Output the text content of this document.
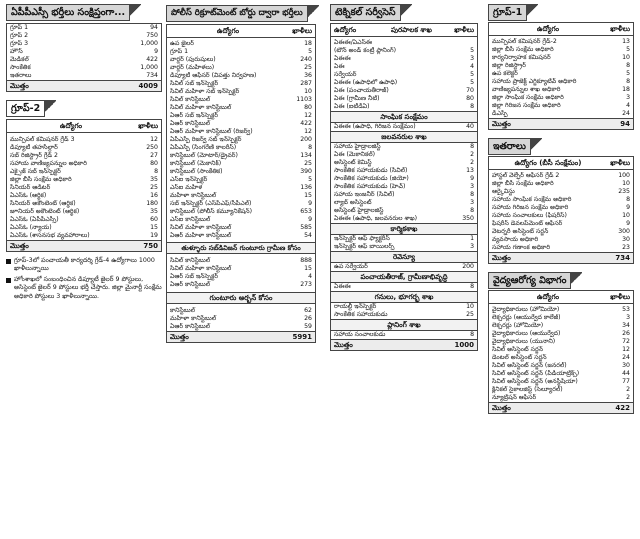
ఏపీపీఎస్సీ భర్తీలు సంక్షిప్తంగా...
గ్రూప్ 1	94
గ్రూప్ 2	750
గ్రూప్ 3	1,000
హౌస్	9
మెడికల్	422
సాంకేతిక	1,000
ఇతరాలు	734
మొత్తం	4009
గ్రూప్-2
ఉద్యోగం	ఖాళీలు
మున్సిపల్ కమిషనర్ గ్రేడ్ 3	12
డిప్యూటీ తహసీల్దార్	250
సబ్ రిజిస్ట్రార్ గ్రేడ్ 2	27
సహాయ వాణిజ్యపన్నుల అధికారి	80
ఎక్సైజ్ సబ్ ఇన్‌స్పెక్టర్	8
జిల్లా బీసీ సంక్షేమ అధికారి	35
సీనియర్ ఆడిటర్	25
ఏఎస్‌ఓ (ఆర్థిక)	16
సీనియర్ అకౌంటెంట్ (ఆర్థిక)	180
జూనియర్ అకౌంటెంట్ (ఆర్థిక)	35
ఏఎస్‌ఓ (ఏపీపీఎస్సీ)	60
ఏఎస్‌ఓ (న్యాయ)	15
ఏఎస్‌ఓ (శాసనసభ వ్యవహారాలు)	19
మొత్తం	750
గ్రూప్-3లో పంచాయతీ కార్యదర్శి గ్రేడ్-4 ఉద్యోగాలు 1000 ఖాళీలున్నాయి
హోంశాఖలో సంబంధించిన డిప్యూటీ జైలర్ 9 పోస్టులు, అసిస్టెంట్ జైలర్ 9 పోస్టులు భర్తీ చేస్తారు. జిల్లా మైనార్టీ సంక్షేమ అధికారి పోస్టులు 3 ఖాళీలున్నాయి.
పోలీస్ రిక్రూట్‌మెంట్ బోర్డు ద్వారా భర్తీలు
ఉద్యోగం	ఖాళీలు
ఉప జైలర్	18
గ్రూప్ 1	5
వార్డర్ (పురుషులు)	240
వార్డర్ (మహిళలు)	25
డిప్యూటీ ఆఫీసర్ (విపత్తు నిర్వహణ)	36
సివిల్ సబ్ ఇన్‌స్పెక్టర్	287
సివిల్ మహిళా సబ్ ఇన్‌స్పెక్టర్	10
సివిల్ కానిస్టేబుల్	1103
సివిల్ మహిళా కానిస్టేబుల్	80
ఏఆర్ సబ్ ఇన్‌స్పెక్టర్	12
ఏఆర్ కానిస్టేబుల్	422
ఏఆర్ మహిళా కానిస్టేబుల్ (రిజర్వ్)	12
ఏపీఎస్పీ రిజర్వ్ సబ్ ఇన్‌స్పెక్టర్	200
ఏపీఎస్పీ (సింగరేణి కాలరీస్)	8
కానిస్టేబుల్ (మోటార్/డ్రైవర్)	134
కానిస్టేబుల్ (మెకానిక్)	25
కానిస్టేబుల్ (సాంకేతిక)	390
ఎస్‌ఐ ఇన్‌స్పెక్టర్	5
ఎస్‌ఐ మహిళ	136
మహిళా కానిస్టేబుల్	15
సబ్ ఇన్‌స్పెక్టర్ (ఎస్‌పీఎఫ్/సీపీఎల్)	9
కానిస్టేబుల్ (పోలీస్ కమ్యూనికేషన్)	653
ఎస్‌ఐ కానిస్టేబుల్	9
సివిల్ మహిళా కానిస్టేబుల్	585
ఏఆర్ మహిళా కానిస్టేబుల్	54
తుళ్ళూరు సబ్‌డివిజన్ గుంటూరు గ్రామీణ కోసం
సివిల్ కానిస్టేబుల్	888
సివిల్ మహిళా కానిస్టేబుల్	15
ఏఆర్ సబ్ ఇన్‌స్పెక్టర్	4
ఏఆర్ కానిస్టేబుల్	273
గుంటూరు అర్బన్ కోసం
కానిస్టేబుల్	62
మహిళా కానిస్టేబుల్	26
ఏఆర్ కానిస్టేబుల్	59
మొత్తం	5991
టెక్నికల్ సర్వీసెస్
ఉద్యోగం	పురపాలక శాఖ	ఖాళీలు
ఏఈఈ/ఏఎస్ఈ
(టౌన్ అండ్ కంట్రీ ప్లానింగ్)	5
ఏఈఈ	3
ఏఈ	4
సర్వేయర్	5
ఏఈఈ (ఉపాధిలో ఉపాధి)	5
ఏఈ (పంచాయతీరాజ్)	70
ఏఈ (గ్రామీణ నీటి)	80
ఏఈ (ఐటీడీఏ)	8
సాంఘిక సంక్షేమం
ఏఈఈ (ఉపాధి, గిరిజన సంక్షేమం)	40
జలవనరుల శాఖ
సహాయ హైడ్రాలజిస్ట్	8
ఏఈ (మెకానికల్)	2
అసిస్టెంట్ కెమిస్ట్	2
సాంకేతిక సహాయకుడు (సివిల్)	13
సాంకేతిక సహాయకుడు (జియో)	9
సాంకేతిక సహాయకుడు (హెచ్)	3
సహాయ ఇంజనీర్ (సివిల్)	8
ల్యాబ్ అసిస్టెంట్	3
అసిస్టెంట్ హైడ్రాలజిస్ట్	8
ఏఈఈ (ఉపాధి, జలవనరుల శాఖ)	350
కార్మికశాఖ
ఇన్‌స్పెక్టర్ ఆఫ్ ఫ్యాక్టరీస్	1
ఇన్‌స్పెక్టర్ ఆఫ్ బాయిలర్స్	3
రెవెన్యూ
ఉప సర్వేయర్	200
పంచాయతీరాజ్, గ్రామీణాభివృద్ధి
ఏఈఈ	8
గనులు, భూగర్భ శాఖ
రాయల్టీ ఇన్‌స్పెక్టర్	10
సాంకేతిక సహాయకుడు	25
ప్లానింగ్ శాఖ
సహాయ సంచాలకుడు	8
మొత్తం	1000
గ్రూప్-1
ఉద్యోగం	ఖాళీలు
మున్సిపల్ కమిషనర్ గ్రేడ్-2	13
జిల్లా బీసీ సంక్షేమ అధికారి	5
కార్యనిర్వాహక కమిషనర్	10
జిల్లా రిజిస్ట్రార్	8
ఉప కలెక్టర్	5
సహాయ ప్రాజెక్ట్ ఎగ్జిక్యూటివ్ అధికారి	8
వాణిజ్యపన్నుల శాఖ అధికారి	18
జిల్లా సాంఘిక సంక్షేమ అధికారి	3
జిల్లా గిరిజన సంక్షేమ అధికారి	4
డీఎస్పీ	24
మొత్తం	94
ఇతరాలు
ఉద్యోగం (బీసీ సంక్షేమం)	ఖాళీలు
హాస్టల్ వెల్ఫేర్ ఆఫీసర్ గ్రేడ్ 2	100
జిల్లా బీసీ సంక్షేమ అధికారి	10
ఆర్కైవిస్టు	235
సహాయ సాంఘిక సంక్షేమ అధికారి	8
సహాయ గిరిజన సంక్షేమ అధికారి	9
సహాయ సంచాలకులు (ఫిషరీస్)	10
ఫిషరీస్ డెవలప్‌మెంట్ ఆఫీసర్	9
వెటర్నరీ అసిస్టెంట్ సర్జన్	300
వ్యవసాయ అధికారి	30
సహాయ గణాంక అధికారి	23
మొత్తం	734
వైద్యఆరోగ్య విభాగం
ఉద్యోగం	ఖాళీలు
వైద్యాధికారులు (హోమియో)	53
లెక్చరర్లు (ఆయుర్వేద కాలేజీ)	3
లెక్చరర్లు (హోమియో)	34
వైద్యాధికారులు (ఆయుర్వేద)	26
వైద్యాధికారులు (యునాని)	72
సివిల్ అసిస్టెంట్ సర్జన్	12
డెంటల్ అసిస్టెంట్ సర్జన్	24
సివిల్ అసిస్టెంట్ సర్జన్ (జనరల్)	30
సివిల్ అసిస్టెంట్ సర్జన్ (పీడియాట్రిక్స్)	44
సివిల్ అసిస్టెంట్ సర్జన్ (అనస్థీషియా)	77
క్లినికల్ సైకాలజిస్ట్ (సెల్యూరల్)	2
న్యూట్రిషన్ ఆఫీసర్	2
మొత్తం	422
